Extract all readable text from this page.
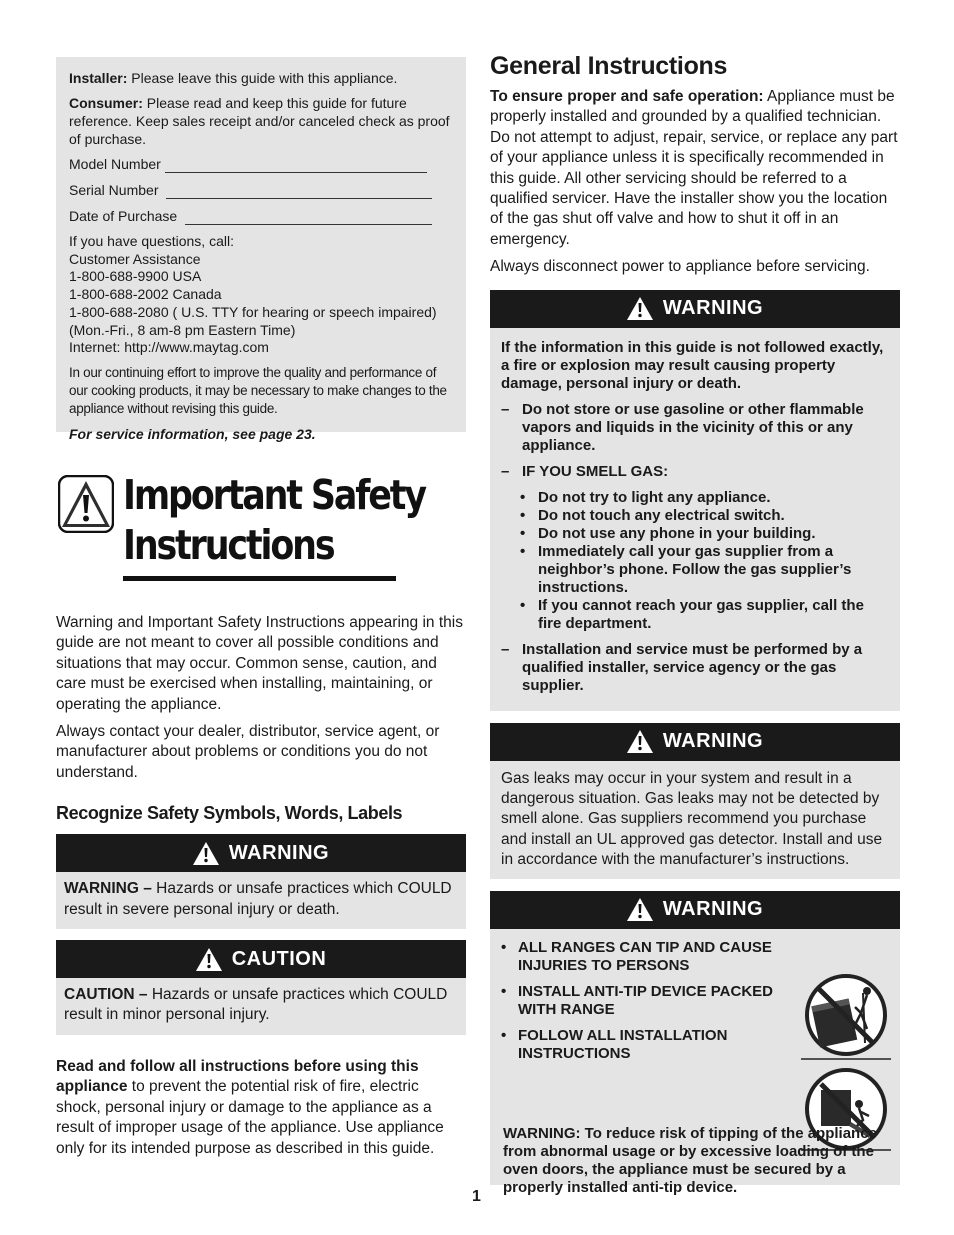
Installer: Please leave this guide with this appliance.

Consumer: Please read and keep this guide for future reference. Keep sales receipt and/or canceled check as proof of purchase.

Model Number
Serial Number
Date of Purchase
If you have questions, call:
Customer Assistance
1-800-688-9900 USA
1-800-688-2002 Canada
1-800-688-2080 ( U.S. TTY for hearing or speech impaired)
(Mon.-Fri., 8 am-8 pm Eastern Time)
Internet: http://www.maytag.com

In our continuing effort to improve the quality and performance of our cooking products, it may be necessary to make changes to the appliance without revising this guide.

For service information, see page 23.

Important Safety
Instructions

Warning and Important Safety Instructions appearing in this guide are not meant to cover all possible conditions and situations that may occur. Common sense, caution, and care must be exercised when installing, maintaining, or operating the appliance.

Always contact your dealer, distributor, service agent, or manufacturer about problems or conditions you do not understand.

Recognize Safety Symbols, Words, Labels
WARNING
WARNING – Hazards or unsafe practices which COULD result in severe personal injury or death.
CAUTION
CAUTION – Hazards or unsafe practices which COULD result in minor personal injury.

Read and follow all instructions before using this appliance to prevent the potential risk of fire, electric shock, personal injury or damage to the appliance as a result of improper usage of the appliance. Use appliance only for its intended purpose as described in this guide.

General Instructions

To ensure proper and safe operation: Appliance must be properly installed and grounded by a qualified technician. Do not attempt to adjust, repair, service, or replace any part of your appliance unless it is specifically recommended in this guide. All other servicing should be referred to a qualified servicer. Have the installer show you the location of the gas shut off valve and how to shut it off in an emergency.

Always disconnect power to appliance before servicing.

WARNING

If the information in this guide is not followed exactly, a fire or explosion may result causing property damage, personal injury or death.

– Do not store or use gasoline or other flammable vapors and liquids in the vicinity of this or any appliance.
– IF YOU SMELL GAS:
• Do not try to light any appliance.
• Do not touch any electrical switch.
• Do not use any phone in your building.
• Immediately call your gas supplier from a neighbor’s phone. Follow the gas supplier’s instructions.
• If you cannot reach your gas supplier, call the fire department.
– Installation and service must be performed by a qualified installer, service agency or the gas supplier.
WARNING
Gas leaks may occur in your system and result in a dangerous situation. Gas leaks may not be detected by smell alone. Gas suppliers recommend you purchase and install an UL approved gas detector. Install and use in accordance with the manufacturer’s instructions.
WARNING
• ALL RANGES CAN TIP AND CAUSE INJURIES TO PERSONS
• INSTALL ANTI-TIP DEVICE PACKED WITH RANGE
• FOLLOW ALL INSTALLATION INSTRUCTIONS
WARNING: To reduce risk of tipping of the appliance from abnormal usage or by excessive loading of the oven doors, the appliance must be secured by a properly installed anti-tip device.
1
